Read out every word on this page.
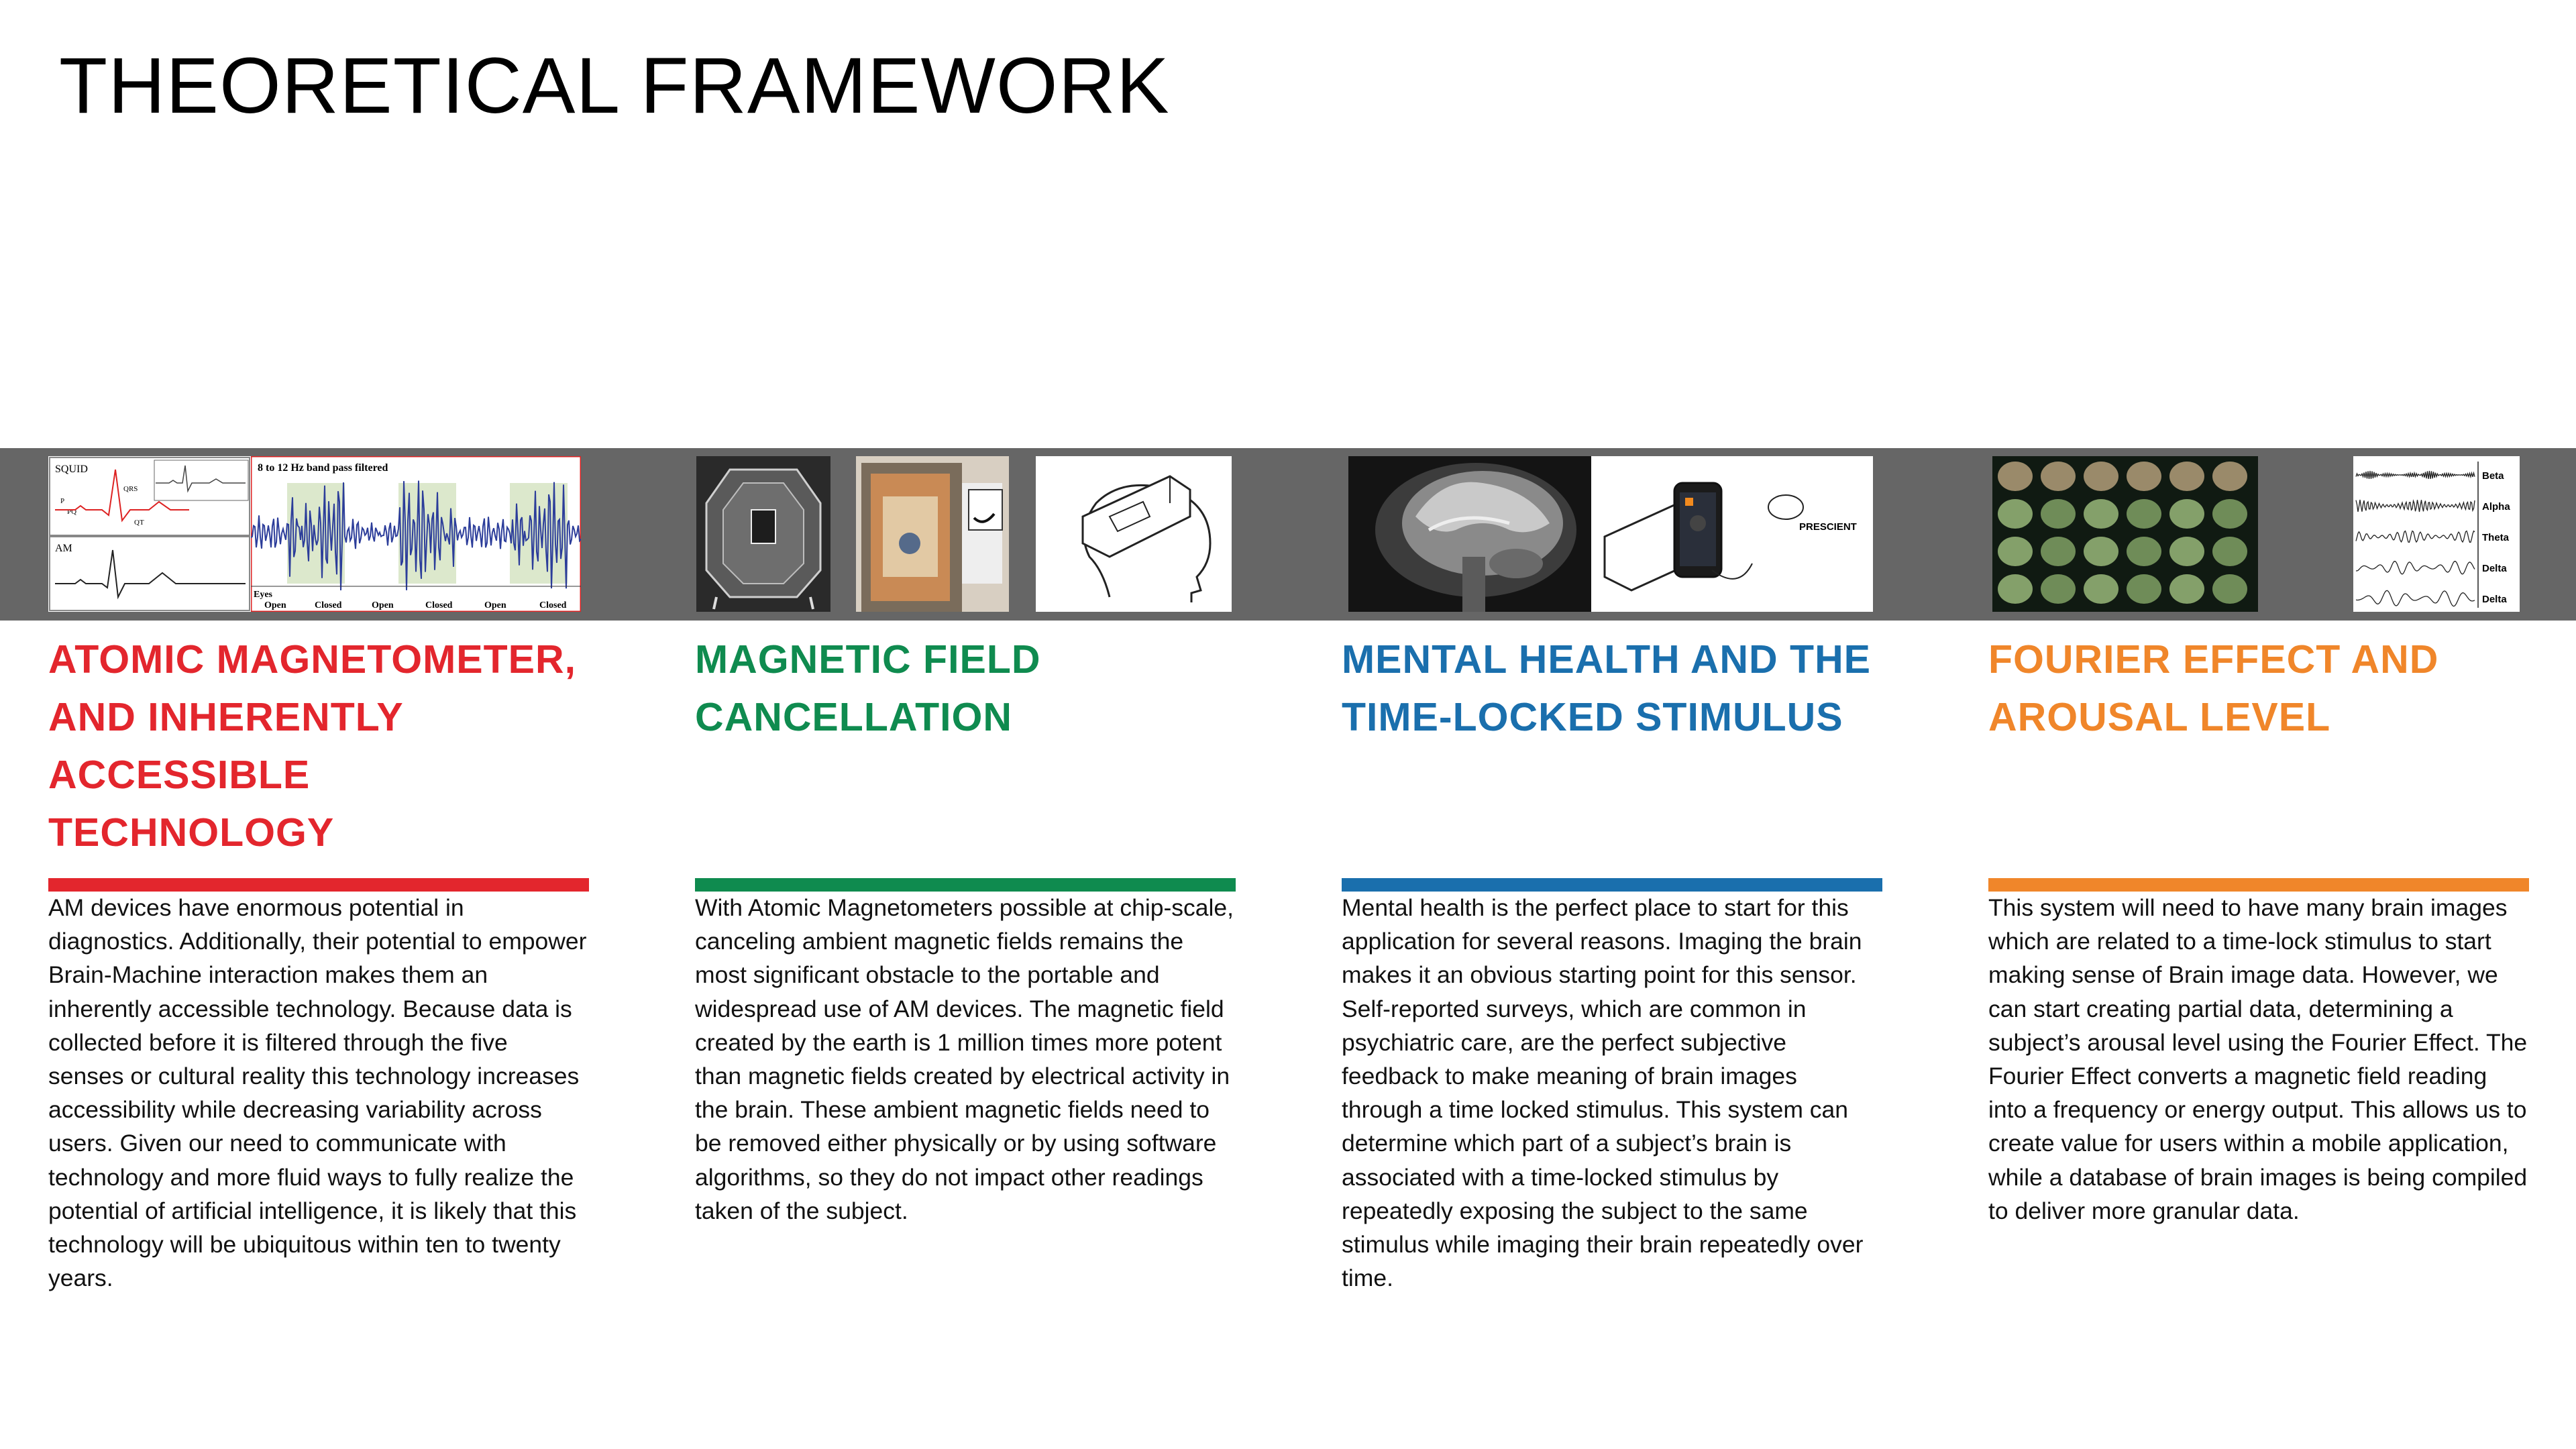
THEORETICAL FRAMEWORK
SQUID
AM
QRS
P
PQ
QT
8 to 12 Hz band pass filtered
Eyes
Open	Closed	Open	Closed	Open	Closed
PRESCIENT
Beta
Alpha
Theta
Delta
Delta
ATOMIC MAGNETOMETER, AND INHERENTLY ACCESSIBLE TECHNOLOGY

AM devices have enormous potential in diagnostics. Additionally, their potential to empower Brain-Machine interaction makes them an inherently accessible technology. Because data is collected before it is filtered through the five senses or cultural reality this technology increases accessibility while decreasing variability across users. Given our need to communicate with technology and more fluid ways to fully realize the potential of artificial intelligence, it is likely that this technology will be ubiquitous within ten to twenty years.

MAGNETIC FIELD CANCELLATION

With Atomic Magnetometers possible at chip-scale, canceling ambient magnetic fields remains the most significant obstacle to the portable and widespread use of AM devices. The magnetic field created by the earth is 1 million times more potent than magnetic fields created by electrical activity in the brain. These ambient magnetic fields need to be removed either physically or by using software algorithms, so they do not impact other readings taken of the subject.

MENTAL HEALTH AND THE TIME-LOCKED STIMULUS

Mental health is the perfect place to start for this application for several reasons. Imaging the brain makes it an obvious starting point for this sensor. Self-reported surveys, which are common in psychiatric care, are the perfect subjective feedback to make meaning of brain images through a time locked stimulus. This system can determine which part of a subject’s brain is associated with a time-locked stimulus by repeatedly exposing the subject to the same stimulus while imaging their brain repeatedly over time.

FOURIER EFFECT AND AROUSAL LEVEL

This system will need to have many brain images which are related to a time-lock stimulus to start making sense of Brain image data. However, we can start creating partial data, determining a subject’s arousal level using the Fourier Effect. The Fourier Effect converts a magnetic field reading into a frequency or energy output. This allows us to create value for users within a mobile application, while a database of brain images is being compiled to deliver more granular data.
